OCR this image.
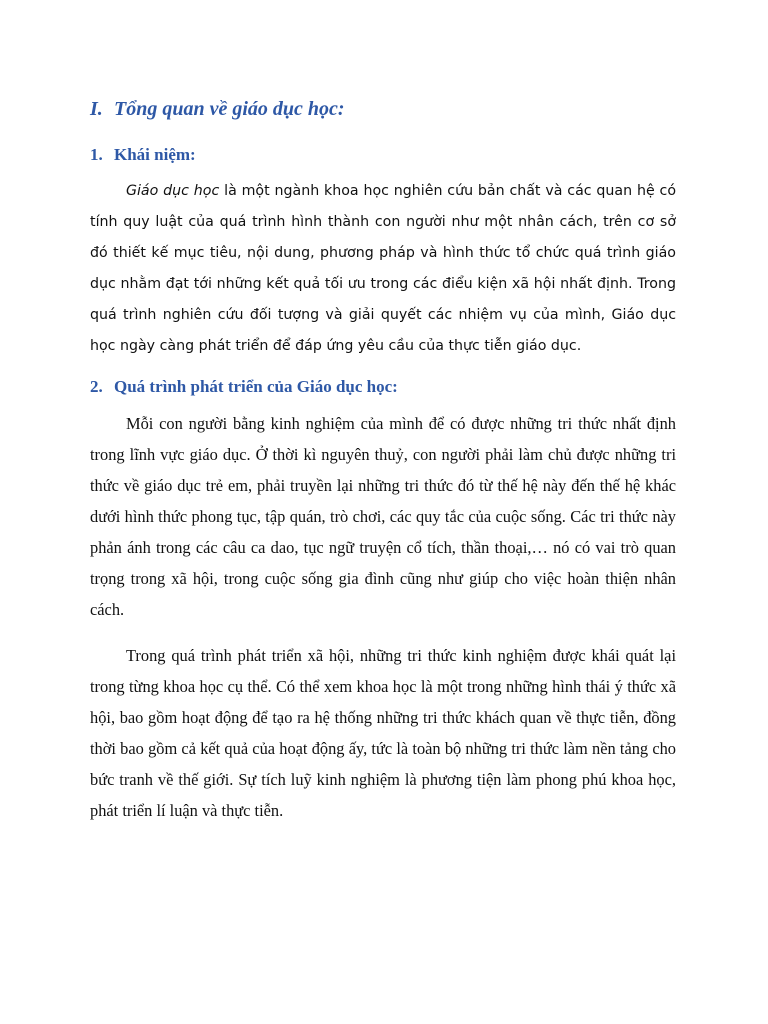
I. Tổng quan về giáo dục học:
1. Khái niệm:

Giáo dục học là một ngành khoa học nghiên cứu bản chất và các quan hệ có tính quy luật của quá trình hình thành con người như một nhân cách, trên cơ sở đó thiết kế mục tiêu, nội dung, phương pháp và hình thức tổ chức quá trình giáo dục nhằm đạt tới những kết quả tối ưu trong các điểu kiện xã hội nhất định. Trong quá trình nghiên cứu đối tượng và giải quyết các nhiệm vụ của mình, Giáo dục học ngày càng phát triển để đáp ứng yêu cầu của thực tiễn giáo dục.

2. Quá trình phát triển của Giáo dục học:

Mỗi con người bằng kinh nghiệm của mình để có được những tri thức nhất định trong lĩnh vực giáo dục. Ở thời kì nguyên thuỷ, con người phải làm chủ được những tri thức về giáo dục trẻ em, phải truyền lại những tri thức đó từ thế hệ này đến thế hệ khác dưới hình thức phong tục, tập quán, trò chơi, các quy tắc của cuộc sống. Các tri thức này phản ánh trong các câu ca dao, tục ngữ truyện cổ tích, thần thoại,… nó có vai trò quan trọng trong xã hội, trong cuộc sống gia đình cũng như giúp cho việc hoàn thiện nhân cách.

Trong quá trình phát triển xã hội, những tri thức kinh nghiệm được khái quát lại trong từng khoa học cụ thể. Có thể xem khoa học là một trong những hình thái ý thức xã hội, bao gồm hoạt động để tạo ra hệ thống những tri thức khách quan về thực tiễn, đồng thời bao gồm cả kết quả của hoạt động ấy, tức là toàn bộ những tri thức làm nền tảng cho bức tranh về thế giới. Sự tích luỹ kinh nghiệm là phương tiện làm phong phú khoa học, phát triển lí luận và thực tiễn.
